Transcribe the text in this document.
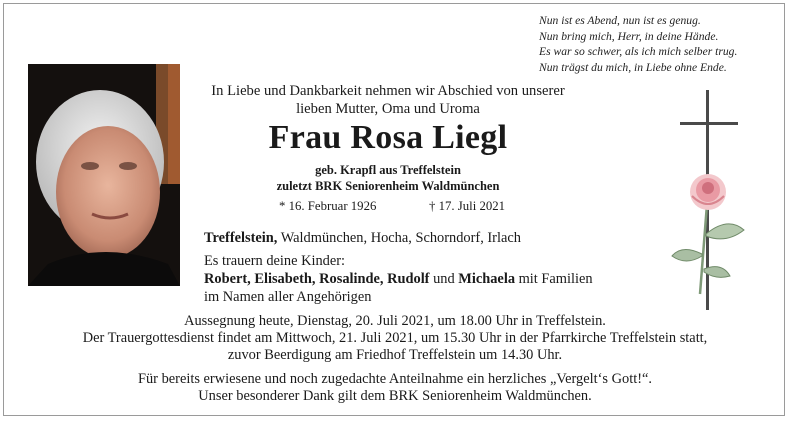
Nun ist es Abend, nun ist es genug.
Nun bring mich, Herr, in deine Hände.
Es war so schwer, als ich mich selber trug.
Nun trägst du mich, in Liebe ohne Ende.
In Liebe und Dankbarkeit nehmen wir Abschied von unserer
lieben Mutter, Oma und Uroma
Frau Rosa Liegl
geb. Krapfl aus Treffelstein
zuletzt BRK Seniorenheim Waldmünchen
* 16. Februar 1926	† 17. Juli 2021
Treffelstein, Waldmünchen, Hocha, Schorndorf, Irlach
Es trauern deine Kinder:
Robert, Elisabeth, Rosalinde, Rudolf und Michaela mit Familien
im Namen aller Angehörigen
Aussegnung heute, Dienstag, 20. Juli 2021, um 18.00 Uhr in Treffelstein.
Der Trauergottesdienst findet am Mittwoch, 21. Juli 2021, um 15.30 Uhr in der Pfarrkirche Treffelstein statt,
zuvor Beerdigung am Friedhof Treffelstein um 14.30 Uhr.
Für bereits erwiesene und noch zugedachte Anteilnahme ein herzliches „Vergelt‘s Gott!“.
Unser besonderer Dank gilt dem BRK Seniorenheim Waldmünchen.
